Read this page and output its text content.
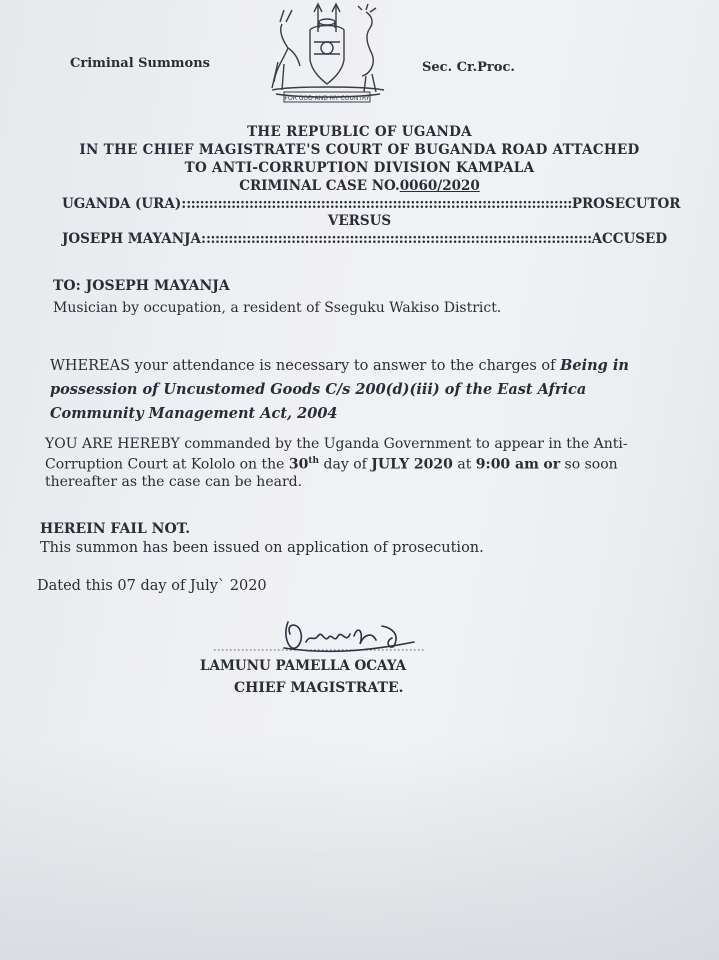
Criminal Summons	Sec. Cr.Proc.
FOR GOD AND MY COUNTRY
THE REPUBLIC OF UGANDA
IN THE CHIEF MAGISTRATE'S COURT OF BUGANDA ROAD ATTACHED
TO ANTI-CORRUPTION DIVISION KAMPALA
CRIMINAL CASE NO.0060/2020
UGANDA (URA): :::::::::::::::::::::::::::::::::::::::::::::::::::::::::::::::::::::::::::::::::::::: PROSECUTOR
VERSUS
JOSEPH MAYANJA: :::::::::::::::::::::::::::::::::::::::::::::::::::::::::::::::::::::::::::::::::::::: ACCUSED
TO: JOSEPH MAYANJA
Musician by occupation, a resident of Sseguku Wakiso District.
WHEREAS your attendance is necessary to answer to the charges of Being in possession of Uncustomed Goods C/s 200(d)(iii) of the East Africa Community Management Act, 2004
YOU ARE HEREBY commanded by the Uganda Government to appear in the Anti-Corruption Court at Kololo on the 30th day of JULY 2020 at 9:00 am or so soon thereafter as the case can be heard.
HEREIN FAIL NOT.
This summon has been issued on application of prosecution.
Dated this 07 day of July` 2020
LAMUNU PAMELLA OCAYA
CHIEF MAGISTRATE.
